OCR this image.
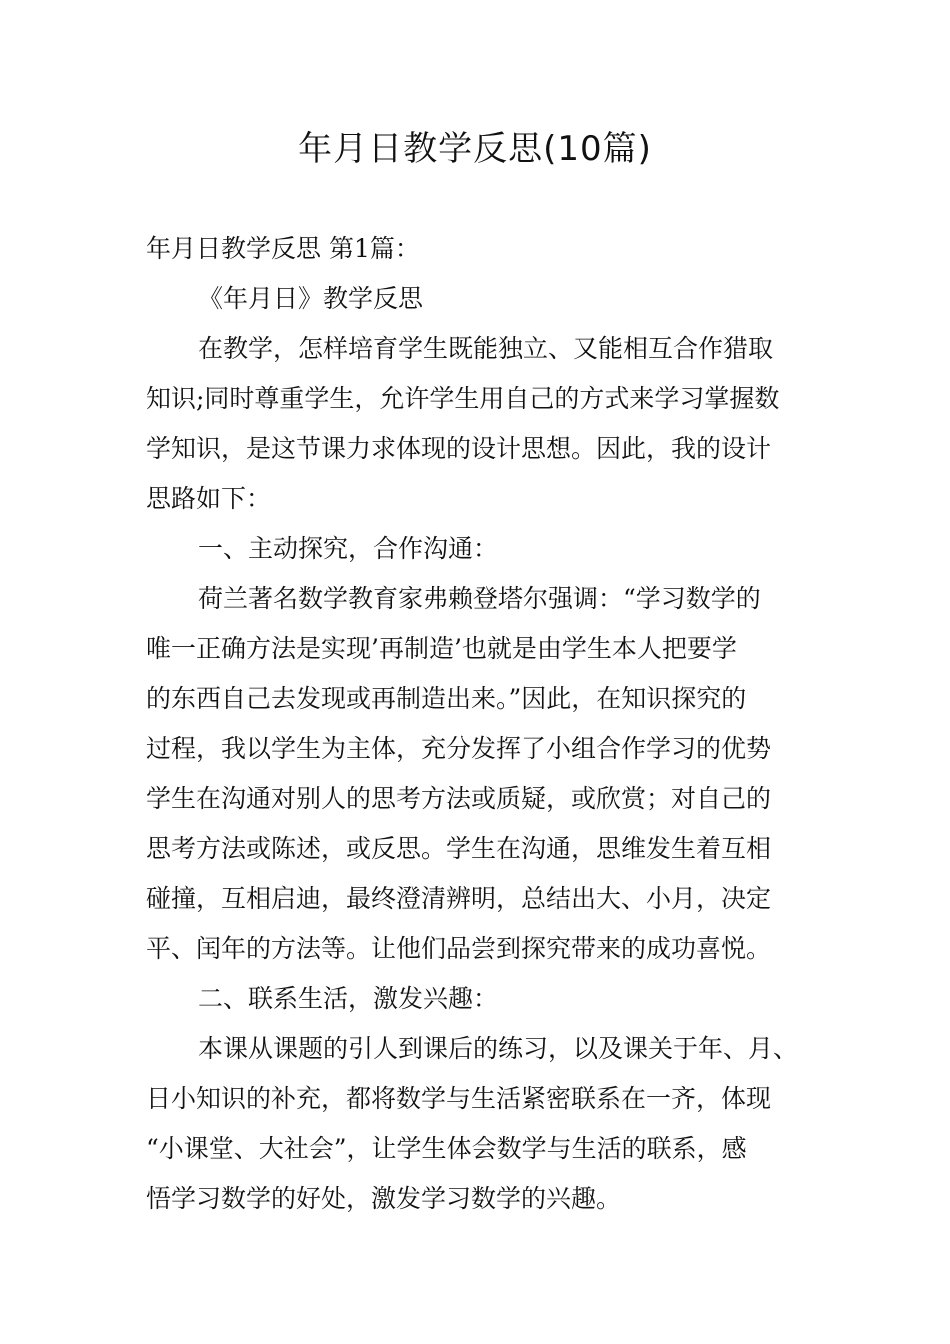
年月日教学反思(10篇)

年月日教学反思 第1篇：

《年月日》教学反思

在教学，怎样培育学生既能独立、又能相互合作猎取

知识;同时尊重学生，允许学生用自己的方式来学习掌握数

学知识，是这节课力求体现的设计思想。因此，我的设计

思路如下：

一、主动探究，合作沟通：

荷兰著名数学教育家弗赖登塔尔强调：“学习数学的

唯一正确方法是实现’再制造’也就是由学生本人把要学

的东西自己去发现或再制造出来。”因此，在知识探究的

过程，我以学生为主体，充分发挥了小组合作学习的优势

学生在沟通对别人的思考方法或质疑，或欣赏；对自己的

思考方法或陈述，或反思。学生在沟通，思维发生着互相

碰撞，互相启迪，最终澄清辨明，总结出大、小月，决定

平、闰年的方法等。让他们品尝到探究带来的成功喜悦。

二、联系生活，激发兴趣：

本课从课题的引人到课后的练习，以及课关于年、月、

日小知识的补充，都将数学与生活紧密联系在一齐，体现

“小课堂、大社会”，让学生体会数学与生活的联系，感

悟学习数学的好处，激发学习数学的兴趣。
